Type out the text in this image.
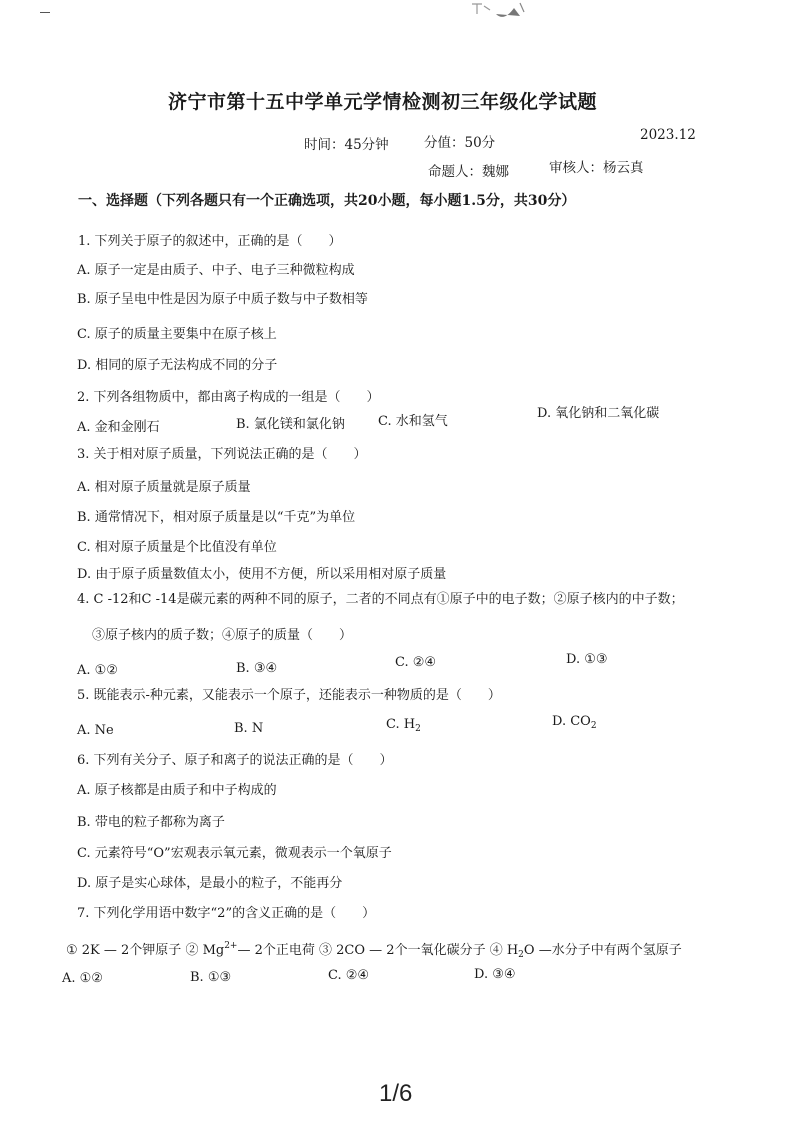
济宁市第十五中学单元学情检测初三年级化学试题
时间：45分钟	分值：50分	2023.12
命题人：魏娜	审核人：杨云真
一、选择题（下列各题只有一个正确选项，共20小题，每小题1.5分，共30分）
1. 下列关于原子的叙述中，正确的是（　　）
A. 原子一定是由质子、中子、电子三种微粒构成
B. 原子呈电中性是因为原子中质子数与中子数相等
C. 原子的质量主要集中在原子核上
D. 相同的原子无法构成不同的分子
2. 下列各组物质中，都由离子构成的一组是（　　）
A. 金和金刚石	B. 氯化镁和氯化钠	C. 水和氢气
D. 氧化钠和二氧化碳
3. 关于相对原子质量，下列说法正确的是（　　）
A. 相对原子质量就是原子质量
B. 通常情况下，相对原子质量是以“千克”为单位
C. 相对原子质量是个比值没有单位
D. 由于原子质量数值太小，使用不方便，所以采用相对原子质量
4. C -12和C -14是碳元素的两种不同的原子，二者的不同点有①原子中的电子数；②原子核内的中子数；
③原子核内的质子数；④原子的质量（　　）
A. ①②	B. ③④	C. ②④	D. ①③
5. 既能表示-种元素，又能表示一个原子，还能表示一种物质的是（　　）
A. Ne	B. N	C. $H_2$	D. $CO_2$
6. 下列有关分子、原子和离子的说法正确的是（　　）
A. 原子核都是由质子和中子构成的
B. 带电的粒子都称为离子
C. 元素符号“O”宏观表示氧元素，微观表示一个氧原子
D. 原子是实心球体，是最小的粒子，不能再分
7. 下列化学用语中数字“2”的含义正确的是（　　）
① 2K — 2个钾原子 ② $Mg^{2+}—$ 2个正电荷 ③ 2CO — 2个一氧化碳分子 ④ $H_2O$ —水分子中有两个氢原子
A. ①②	B. ①③	C. ②④	D. ③④
1/6
